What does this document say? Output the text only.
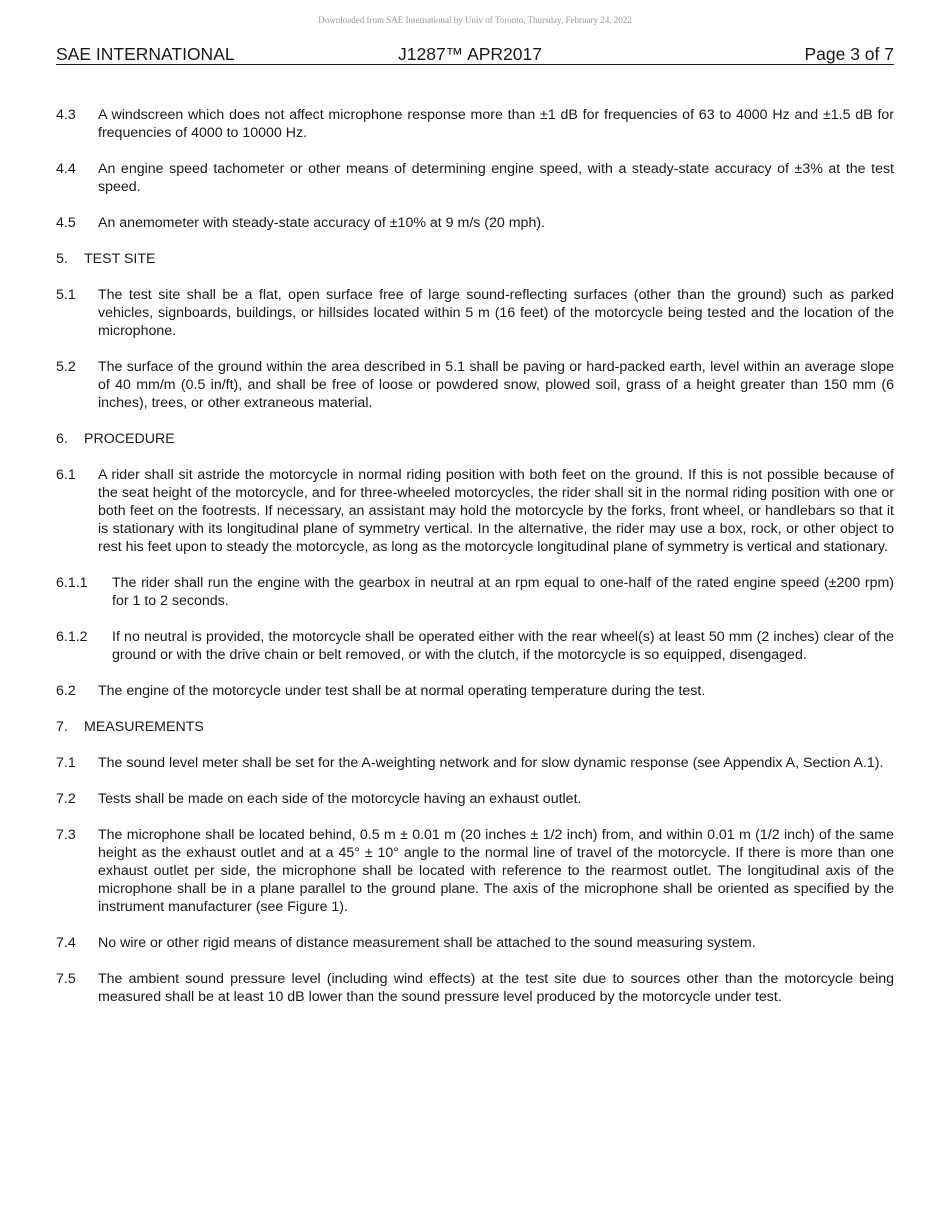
Downloaded from SAE International by Univ of Toronto, Thursday, February 24, 2022
SAE INTERNATIONAL	J1287™ APR2017	Page 3 of 7
4.3	A windscreen which does not affect microphone response more than ±1 dB for frequencies of 63 to 4000 Hz and ±1.5 dB for frequencies of 4000 to 10000 Hz.
4.4	An engine speed tachometer or other means of determining engine speed, with a steady-state accuracy of ±3% at the test speed.
4.5	An anemometer with steady-state accuracy of ±10% at 9 m/s (20 mph).
5.	TEST SITE
5.1	The test site shall be a flat, open surface free of large sound-reflecting surfaces (other than the ground) such as parked vehicles, signboards, buildings, or hillsides located within 5 m (16 feet) of the motorcycle being tested and the location of the microphone.
5.2	The surface of the ground within the area described in 5.1 shall be paving or hard-packed earth, level within an average slope of 40 mm/m (0.5 in/ft), and shall be free of loose or powdered snow, plowed soil, grass of a height greater than 150 mm (6 inches), trees, or other extraneous material.
6.	PROCEDURE
6.1	A rider shall sit astride the motorcycle in normal riding position with both feet on the ground. If this is not possible because of the seat height of the motorcycle, and for three-wheeled motorcycles, the rider shall sit in the normal riding position with one or both feet on the footrests. If necessary, an assistant may hold the motorcycle by the forks, front wheel, or handlebars so that it is stationary with its longitudinal plane of symmetry vertical. In the alternative, the rider may use a box, rock, or other object to rest his feet upon to steady the motorcycle, as long as the motorcycle longitudinal plane of symmetry is vertical and stationary.
6.1.1	The rider shall run the engine with the gearbox in neutral at an rpm equal to one-half of the rated engine speed (±200 rpm) for 1 to 2 seconds.
6.1.2	If no neutral is provided, the motorcycle shall be operated either with the rear wheel(s) at least 50 mm (2 inches) clear of the ground or with the drive chain or belt removed, or with the clutch, if the motorcycle is so equipped, disengaged.
6.2	The engine of the motorcycle under test shall be at normal operating temperature during the test.
7.	MEASUREMENTS
7.1	The sound level meter shall be set for the A-weighting network and for slow dynamic response (see Appendix A, Section A.1).
7.2	Tests shall be made on each side of the motorcycle having an exhaust outlet.
7.3	The microphone shall be located behind, 0.5 m ± 0.01 m (20 inches ± 1/2 inch) from, and within 0.01 m (1/2 inch) of the same height as the exhaust outlet and at a 45° ± 10° angle to the normal line of travel of the motorcycle. If there is more than one exhaust outlet per side, the microphone shall be located with reference to the rearmost outlet. The longitudinal axis of the microphone shall be in a plane parallel to the ground plane. The axis of the microphone shall be oriented as specified by the instrument manufacturer (see Figure 1).
7.4	No wire or other rigid means of distance measurement shall be attached to the sound measuring system.
7.5	The ambient sound pressure level (including wind effects) at the test site due to sources other than the motorcycle being measured shall be at least 10 dB lower than the sound pressure level produced by the motorcycle under test.
